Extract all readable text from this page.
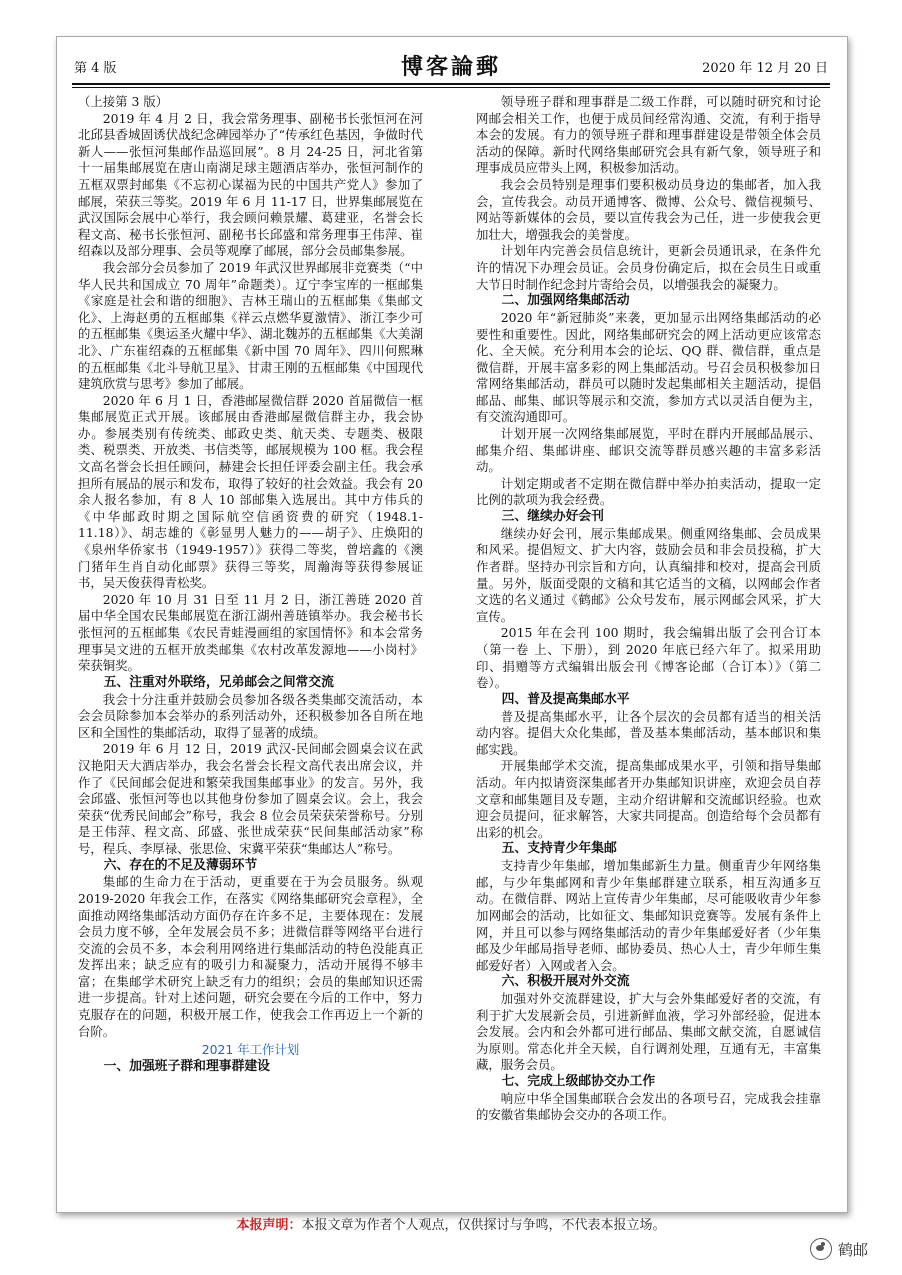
第 4 版	博客論郵	2020 年 12 月 20 日

（上接第 3 版）

2019 年 4 月 2 日，我会常务理事、副秘书长张恒河在河北邱县香城固诱伏战纪念碑园举办了“传承红色基因，争做时代新人——张恒河集邮作品巡回展”。8 月 24-25 日，河北省第十一届集邮展览在唐山南湖足球主题酒店举办，张恒河制作的五框双票封邮集《不忘初心谋福为民的中国共产党人》参加了邮展，荣获三等奖。2019 年 6 月 11-17 日，世界集邮展览在武汉国际会展中心举行，我会顾问赖景耀、葛建亚，名誉会长程文高、秘书长张恒河、副秘书长邱盛和常务理事王伟萍、崔绍森以及部分理事、会员等观摩了邮展，部分会员邮集参展。

我会部分会员参加了 2019 年武汉世界邮展非竞赛类（“中华人民共和国成立 70 周年”命题类）。辽宁李宝库的一框邮集《家庭是社会和谐的细胞》、吉林王瑞山的五框邮集《集邮文化》、上海赵勇的五框邮集《祥云点燃华夏激情》、浙江李少可的五框邮集《奥运圣火耀中华》、湖北魏苏的五框邮集《大美湖北》、广东崔绍森的五框邮集《新中国 70 周年》、四川何熙琳的五框邮集《北斗导航卫星》、甘肃王刚的五框邮集《中国现代建筑欣赏与思考》参加了邮展。

2020 年 6 月 1 日，香港邮屋微信群 2020 首届微信一框集邮展览正式开展。该邮展由香港邮屋微信群主办，我会协办。参展类别有传统类、邮政史类、航天类、专题类、极限类、税票类、开放类、书信类等，邮展规模为 100 框。我会程文高名誉会长担任顾问，赫建会长担任评委会副主任。我会承担所有展品的展示和发布，取得了较好的社会效益。我会有 20 余人报名参加，有 8 人 10 部邮集入选展出。其中方伟兵的《中华邮政时期之国际航空信函资费的研究（1948.1-11.18）》、胡志雄的《彰显男人魅力的——胡子》、庄焕阳的《泉州华侨家书（1949-1957）》获得二等奖，曾培鑫的《澳门猪年生肖自动化邮票》获得三等奖，周瀚海等获得参展证书，吴天俊获得青松奖。

2020 年 10 月 31 日至 11 月 2 日，浙江善琏 2020 首届中华全国农民集邮展览在浙江湖州善琏镇举办。我会秘书长张恒河的五框邮集《农民青蛙漫画组的家国情怀》和本会常务理事吴文进的五框开放类邮集《农村改革发源地——小岗村》荣获铜奖。

五、注重对外联络，兄弟邮会之间常交流

我会十分注重并鼓励会员参加各级各类集邮交流活动，本会会员除参加本会举办的系列活动外，还积极参加各自所在地区和全国性的集邮活动，取得了显著的成绩。

2019 年 6 月 12 日，2019 武汉-民间邮会圆桌会议在武汉艳阳天大酒店举办，我会名誉会长程文高代表出席会议，并作了《民间邮会促进和繁荣我国集邮事业》的发言。另外，我会邱盛、张恒河等也以其他身份参加了圆桌会议。会上，我会荣获“优秀民间邮会”称号，我会 8 位会员荣获荣誉称号。分别是王伟萍、程文高、邱盛、张世成荣获“民间集邮活动家”称号，程兵、李厚禄、张思俭、宋冀平荣获“集邮达人”称号。

六、存在的不足及薄弱环节

集邮的生命力在于活动，更重要在于为会员服务。纵观 2019-2020 年我会工作，在落实《网络集邮研究会章程》，全面推动网络集邮活动方面仍存在许多不足，主要体现在：发展会员力度不够，全年发展会员不多；进微信群等网络平台进行交流的会员不多，本会利用网络进行集邮活动的特色没能真正发挥出来；缺乏应有的吸引力和凝聚力，活动开展得不够丰富；在集邮学术研究上缺乏有力的组织；会员的集邮知识还需进一步提高。针对上述问题，研究会要在今后的工作中，努力克服存在的问题，积极开展工作，使我会工作再迈上一个新的台阶。

2021 年工作计划
一、加强班子群和理事群建设

领导班子群和理事群是二级工作群，可以随时研究和讨论网邮会相关工作，也便于成员间经常沟通、交流，有利于指导本会的发展。有力的领导班子群和理事群建设是带领全体会员活动的保障。新时代网络集邮研究会具有新气象，领导班子和理事成员应带头上网，积极参加活动。

我会会员特别是理事们要积极动员身边的集邮者，加入我会，宣传我会。动员开通博客、微博、公众号、微信视频号、网站等新媒体的会员，要以宣传我会为己任，进一步使我会更加壮大，增强我会的美誉度。

计划年内完善会员信息统计，更新会员通讯录，在条件允许的情况下办理会员证。会员身份确定后，拟在会员生日或重大节日时制作纪念封片寄给会员，以增强我会的凝聚力。

二、加强网络集邮活动

2020 年“新冠肺炎”来袭，更加显示出网络集邮活动的必要性和重要性。因此，网络集邮研究会的网上活动更应该常态化、全天候。充分利用本会的论坛、QQ 群、微信群，重点是微信群，开展丰富多彩的网上集邮活动。号召会员积极参加日常网络集邮活动，群员可以随时发起集邮相关主题活动，提倡邮品、邮集、邮识等展示和交流，参加方式以灵活自便为主，有交流沟通即可。

计划开展一次网络集邮展览，平时在群内开展邮品展示、邮集介绍、集邮讲座、邮识交流等群员感兴趣的丰富多彩活动。

计划定期或者不定期在微信群中举办拍卖活动，提取一定比例的款项为我会经费。

三、继续办好会刊

继续办好会刊，展示集邮成果。侧重网络集邮、会员成果和风采。提倡短文、扩大内容，鼓励会员和非会员投稿，扩大作者群。坚持办刊宗旨和方向，认真编排和校对，提高会刊质量。另外，版面受限的文稿和其它适当的文稿，以网邮会作者文选的名义通过《鹤邮》公众号发布，展示网邮会风采，扩大宣传。

2015 年在会刊 100 期时，我会编辑出版了会刊合订本（第一卷 上、下册），到 2020 年底已经六年了。拟采用助印、捐赠等方式编辑出版会刊《博客论邮（合订本）》（第二卷）。

四、普及提高集邮水平

普及提高集邮水平，让各个层次的会员都有适当的相关活动内容。提倡大众化集邮，普及基本集邮活动，基本邮识和集邮实践。

开展集邮学术交流，提高集邮成果水平，引领和指导集邮活动。年内拟请资深集邮者开办集邮知识讲座，欢迎会员自荐文章和邮集题目及专题，主动介绍讲解和交流邮识经验。也欢迎会员提问，征求解答，大家共同提高。创造给每个会员都有出彩的机会。

五、支持青少年集邮

支持青少年集邮，增加集邮新生力量。侧重青少年网络集邮，与少年集邮网和青少年集邮群建立联系，相互沟通多互动。在微信群、网站上宣传青少年集邮，尽可能吸收青少年参加网邮会的活动，比如征文、集邮知识竞赛等。发展有条件上网，并且可以参与网络集邮活动的青少年集邮爱好者（少年集邮及少年邮局指导老师、邮协委员、热心人士，青少年师生集邮爱好者）入网或者入会。

六、积极开展对外交流

加强对外交流群建设，扩大与会外集邮爱好者的交流，有利于扩大发展新会员，引进新鲜血液，学习外部经验，促进本会发展。会内和会外都可进行邮品、集邮文献交流，自愿诚信为原则。常态化并全天候，自行调剂处理，互通有无，丰富集藏，服务会员。

七、完成上级邮协交办工作

响应中华全国集邮联合会发出的各项号召，完成我会挂靠的安徽省集邮协会交办的各项工作。

本报声明：本报文章为作者个人观点，仅供探讨与争鸣，不代表本报立场。
鹤邮
